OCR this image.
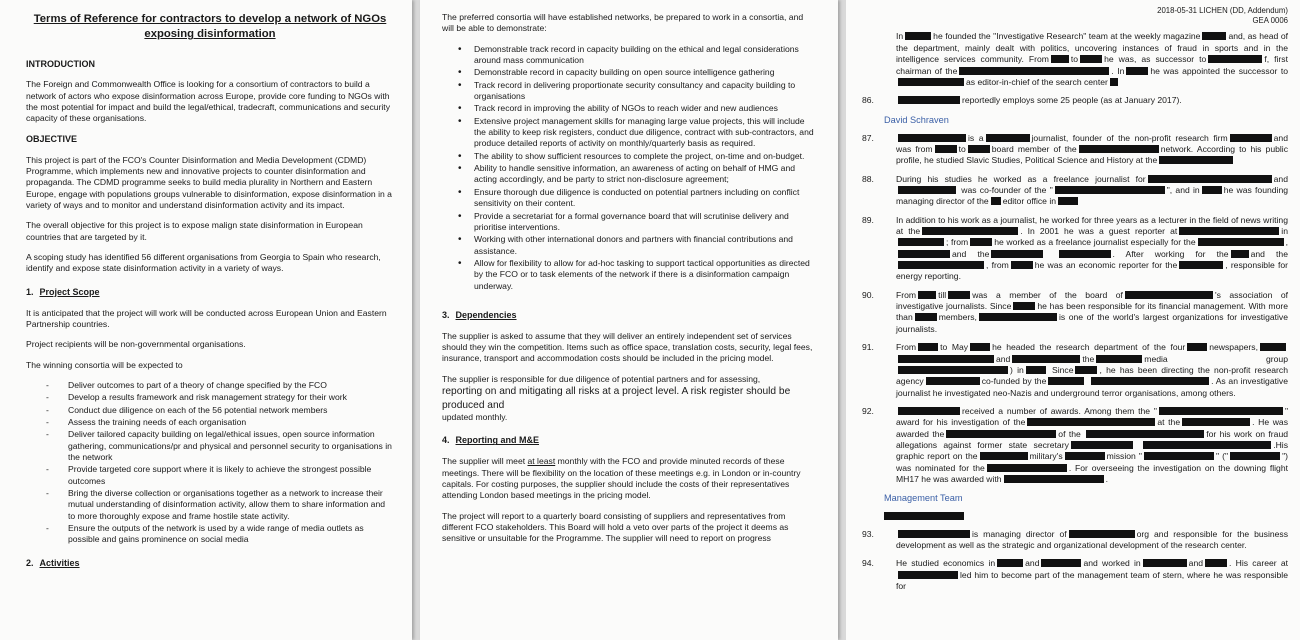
Terms of Reference for contractors to develop a network of NGOs exposing disinformation
INTRODUCTION

The Foreign and Commonwealth Office is looking for a consortium of contractors to build a network of actors who expose disinformation across Europe, provide core funding to NGOs with the most potential for impact and build the legal/ethical, tradecraft, communications and security capacity of these organisations.

OBJECTIVE

This project is part of the FCO's Counter Disinformation and Media Development (CDMD) Programme, which implements new and innovative projects to counter disinformation and propaganda. The CDMD programme seeks to build media plurality in Northern and Eastern Europe, engage with populations groups vulnerable to disinformation, expose disinformation in a variety of ways and to monitor and understand disinformation activity and its impact.

The overall objective for this project is to expose malign state disinformation in European countries that are targeted by it.

A scoping study has identified 56 different organisations from Georgia to Spain who research, identify and expose state disinformation activity in a variety of ways.

1. Project Scope

It is anticipated that the project will work will be conducted across European Union and Eastern Partnership countries.

Project recipients will be non-governmental organisations.

The winning consortia will be expected to

- Deliver outcomes to part of a theory of change specified by the FCO
- Develop a results framework and risk management strategy for their work
- Conduct due diligence on each of the 56 potential network members
- Assess the training needs of each organisation
- Deliver tailored capacity building on legal/ethical issues, open source information gathering, communications/pr and physical and personnel security to organisations in the network
- Provide targeted core support where it is likely to achieve the strongest possible outcomes
- Bring the diverse collection or organisations together as a network to increase their mutual understanding of disinformation activity, allow them to share information and to more thoroughly expose and frame hostile state activity.
- Ensure the outputs of the network is used by a wide range of media outlets as possible and gains prominence on social media
2. Activities

The preferred consortia will have established networks, be prepared to work in a consortia, and will be able to demonstrate:

• Demonstrable track record in capacity building on the ethical and legal considerations around mass communication
• Demonstrable record in capacity building on open source intelligence gathering
• Track record in delivering proportionate security consultancy and capacity building to organisations
• Track record in improving the ability of NGOs to reach wider and new audiences
• Extensive project management skills for managing large value projects, this will include the ability to keep risk registers, conduct due diligence, contract with sub-contractors, and produce detailed reports of activity on monthly/quarterly basis as required.
• The ability to show sufficient resources to complete the project, on-time and on-budget.
• Ability to handle sensitive information, an awareness of acting on behalf of HMG and acting accordingly, and be party to strict non-disclosure agreement;
• Ensure thorough due diligence is conducted on potential partners including on conflict sensitivity on their content.
• Provide a secretariat for a formal governance board that will scrutinise delivery and prioritise interventions.
• Working with other international donors and partners with financial contributions and assistance.
• Allow for flexibility to allow for ad-hoc tasking to support tactical opportunities as directed by the FCO or to task elements of the network if there is a disinformation campaign underway.
3. Dependencies

The supplier is asked to assume that they will deliver an entirely independent set of services should they win the competition. Items such as office space, translation costs, security, legal fees, insurance, transport and accommodation costs should be included in the pricing model.

The supplier is responsible for due diligence of potential partners and for assessing,
reporting on and mitigating all risks at a project level. A risk register should be produced and
updated monthly.

4. Reporting and M&E

The supplier will meet at least monthly with the FCO and provide minuted records of these meetings. There will be flexibility on the location of these meetings e.g. in London or in-country capitals. For costing purposes, the supplier should include the costs of their representatives attending London based meetings in the pricing model.

The project will report to a quarterly board consisting of suppliers and representatives from different FCO stakeholders. This Board will hold a veto over parts of the project it deems as sensitive or unsuitable for the Programme. The supplier will need to report on progress

2018-05-31 LICHEN (DD, Addendum)
GEA 0006
In	he founded the "Investigative Research" team at the weekly magazine	and, as head of the department, mainly dealt with politics, uncovering instances of fraud in sports and in the intelligence services community. From	to	he was, as successor to	f, first chairman of the	. In	he was appointed the successor toas editor-in-chief of the search center
86.	reportedly employs some 25 people (as at January 2017).
David Schraven
87.	is a	journalist, founder of the non-profit research firm	and was from	to	board member of the	network. According to his public profile, he studied Slavic Studies, Political Science and History at the
88.	During his studies he worked as a freelance journalist for	and was co-founder of the "	", and in	he was founding managing director of the editor office in
89.	In addition to his work as a journalist, he worked for three years as a lecturer in the field of news writing at the	. In 2001 he was a guest reporter at	in; from	he worked as a freelance journalist especially for the	,and the	. After working for the	and the, from	he was an economic reporter for the	, responsible for energy reporting.
90.	From	till	was a member of the board of	's association of investigative journalists. Since	he has been responsible for its financial management. With more than	members,	is one of the world's largest organizations for investigative journalists.
91.	From	to May	he headed the research department of the four	newspapers, and	the	media group) in	Since	, he has been directing the non-profit research agency	co-funded by the	. As an investigative journalist he investigated neo-Nazis and underground terror organisations, among others.
92.	received a number of awards. Among them the "	" award for his investigation of the	at the	. He was awarded the	of the	for his work on fraud allegations against former state secretary	.His graphic report on the	military's	mission "	" ("	") was nominated for the	. For overseeing the investigation on the downing flight MH17 he was awarded with	.
Management Team
93.	is managing director of	org and responsible for the business development as well as the strategic and organizational development of the research center.
94.	He studied economics in	and	and worked in	and	. His career at led him to become part of the management team of stern, where he was responsible for
